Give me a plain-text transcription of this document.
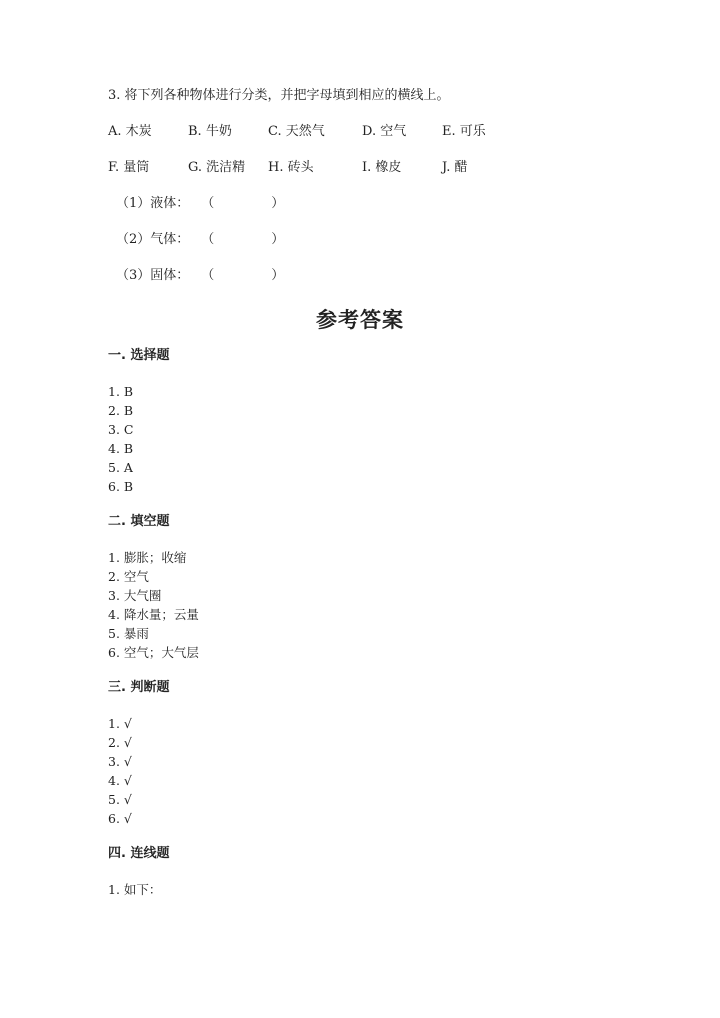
3. 将下列各种物体进行分类，并把字母填到相应的横线上。

A. 木炭	B. 牛奶	C. 天然气	D. 空气	E. 可乐
F. 量筒	G. 洗洁精 H. 砖头	I. 橡皮	J. 醋
（1）液体： （	）
（2）气体： （	）
（3）固体： （	）
参考答案

一. 选择题

1. B
2. B
3. C
4. B
5. A
6. B

二. 填空题

1. 膨胀；收缩
2. 空气
3. 大气圈
4. 降水量；云量
5. 暴雨
6. 空气；大气层

三. 判断题

1. √
2. √
3. √
4. √
5. √
6. √

四. 连线题

1. 如下：
